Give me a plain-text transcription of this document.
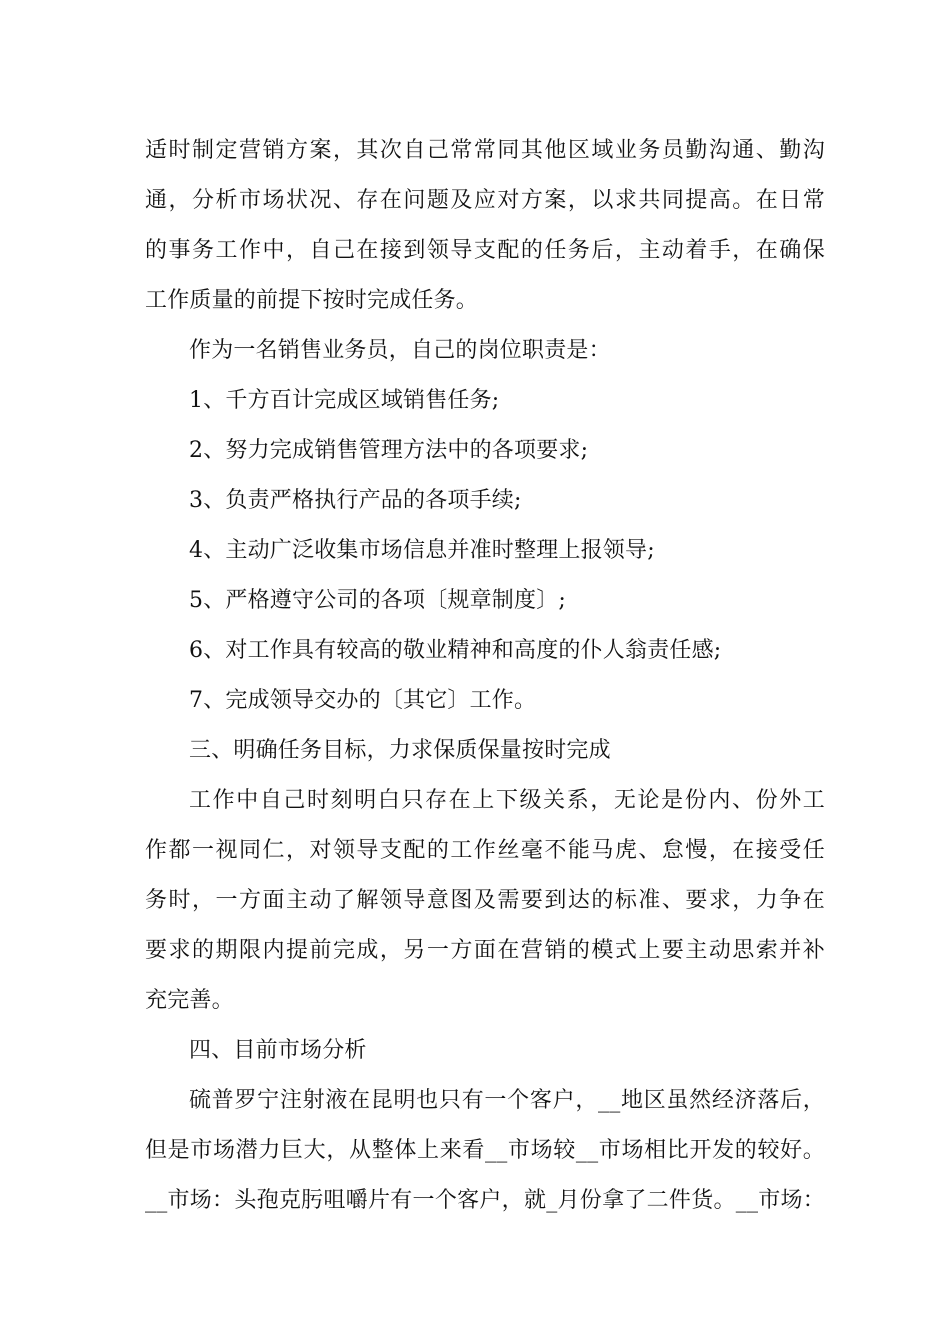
适时制定营销方案，其次自己常常同其他区域业务员勤沟通、勤沟
通，分析市场状况、存在问题及应对方案，以求共同提高。在日常
的事务工作中，自己在接到领导支配的任务后，主动着手，在确保
工作质量的前提下按时完成任务。
作为一名销售业务员，自己的岗位职责是：
1、千方百计完成区域销售任务;
2、努力完成销售管理方法中的各项要求;
3、负责严格执行产品的各项手续;
4、主动广泛收集市场信息并准时整理上报领导;
5、严格遵守公司的各项〔规章制度〕;
6、对工作具有较高的敬业精神和高度的仆人翁责任感;
7、完成领导交办的〔其它〕工作。
三、明确任务目标，力求保质保量按时完成
工作中自己时刻明白只存在上下级关系，无论是份内、份外工
作都一视同仁，对领导支配的工作丝毫不能马虎、怠慢，在接受任
务时，一方面主动了解领导意图及需要到达的标准、要求，力争在
要求的期限内提前完成，另一方面在营销的模式上要主动思索并补
充完善。
四、目前市场分析
硫普罗宁注射液在昆明也只有一个客户，__地区虽然经济落后，
但是市场潜力巨大，从整体上来看__市场较__市场相比开发的较好。
__市场：头孢克肟咀嚼片有一个客户，就_月份拿了二件货。__市场：
